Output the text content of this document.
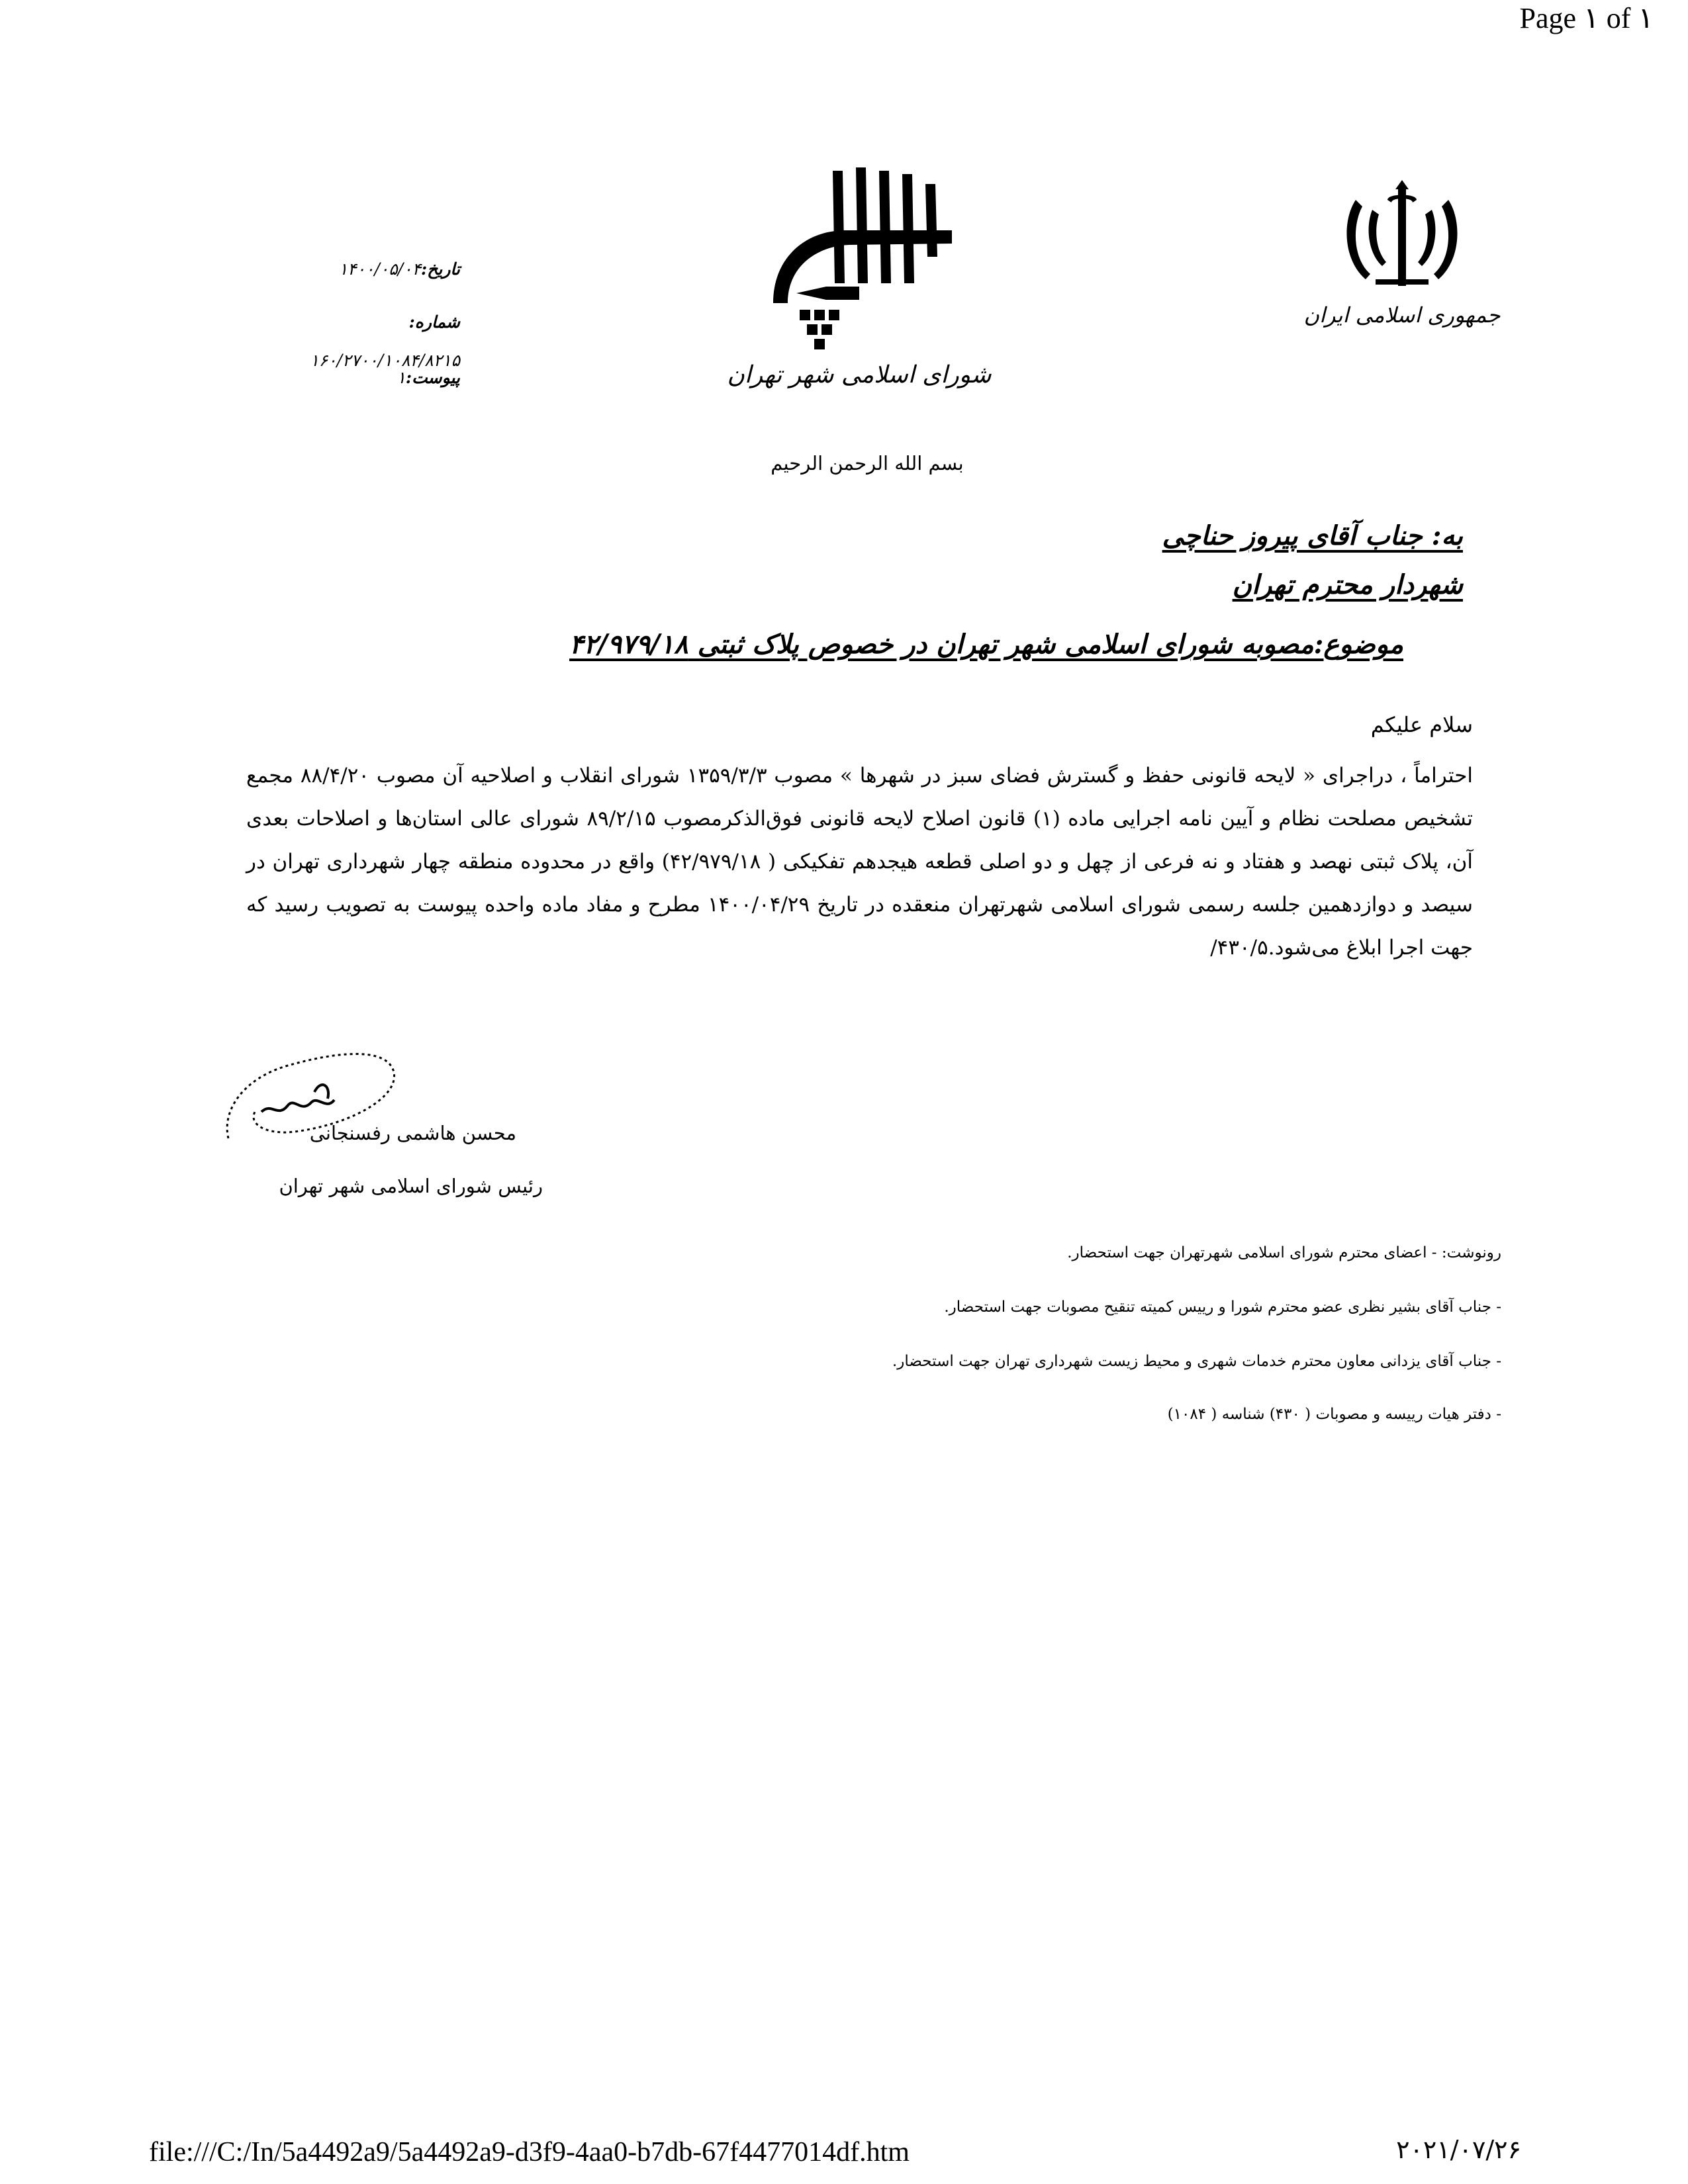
Page ۱ of ۱
جمهوری اسلامی ایران
شورای اسلامی شهر تهران
تاریخ:۱۴۰۰/۰۵/۰۴
شماره:
۱۶۰/۲۷۰۰/۱۰۸۴/۸۲۱۵
پیوست:۱
بسم الله الرحمن الرحیم
به: جناب آقای پیروز حناچی
شهردار محترم تهران
موضوع:مصوبه شورای اسلامی شهر تهران در خصوص پلاک ثبتی ۴۲/۹۷۹/۱۸
سلام علیکم
احتراماً ، دراجرای « لایحه قانونی حفظ و گسترش فضای سبز در شهرها » مصوب ۱۳۵۹/۳/۳ شورای انقلاب و اصلاحیه آن مصوب ۸۸/۴/۲۰ مجمع تشخیص مصلحت نظام و آیین نامه اجرایی ماده (۱) قانون اصلاح لایحه قانونی فوق‌الذکرمصوب ۸۹/۲/۱۵ شورای عالی استان‌ها و اصلاحات بعدی آن، پلاک ثبتی نهصد و هفتاد و نه فرعی از چهل و دو اصلی قطعه هیجدهم تفکیکی ( ۴۲/۹۷۹/۱۸) واقع در محدوده منطقه چهار شهرداری تهران در سیصد و دوازدهمین جلسه رسمی شورای اسلامی شهرتهران منعقده در تاریخ ۱۴۰۰/۰۴/۲۹ مطرح و مفاد ماده واحده پیوست به تصویب رسید که جهت اجرا ابلاغ می‌شود.۴۳۰/۵/
محسن هاشمی رفسنجانی
رئیس شورای اسلامی شهر تهران
رونوشت: - اعضای محترم شورای اسلامی شهرتهران جهت استحضار.
- جناب آقای بشیر نظری عضو محترم شورا و رییس کمیته تنقیح مصوبات جهت استحضار.
- جناب آقای یزدانی معاون محترم خدمات شهری و محیط زیست شهرداری تهران جهت استحضار.
- دفتر هیات رییسه و مصوبات ( ۴۳۰) شناسه ( ۱۰۸۴)
file:///C:/In/5a4492a9/5a4492a9-d3f9-4aa0-b7db-67f4477014df.htm	۲۰۲۱/۰۷/۲۶
